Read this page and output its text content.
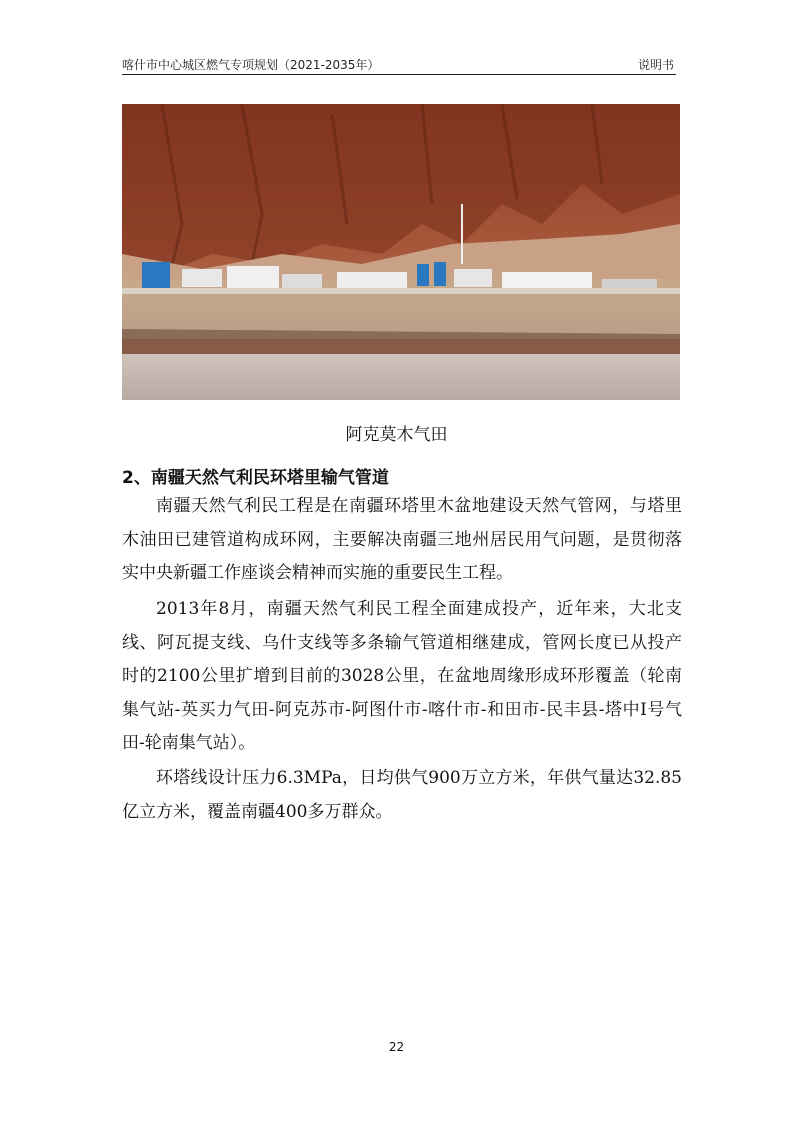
喀什市中心城区燃气专项规划（2021-2035年）	说明书
阿克莫木气田
2、南疆天然气利民环塔里输气管道

南疆天然气利民工程是在南疆环塔里木盆地建设天然气管网，与塔里木油田已建管道构成环网，主要解决南疆三地州居民用气问题，是贯彻落实中央新疆工作座谈会精神而实施的重要民生工程。

2013年8月，南疆天然气利民工程全面建成投产，近年来，大北支线、阿瓦提支线、乌什支线等多条输气管道相继建成，管网长度已从投产时的2100公里扩增到目前的3028公里，在盆地周缘形成环形覆盖（轮南集气站-英买力气田-阿克苏市-阿图什市-喀什市-和田市-民丰县-塔中Ⅰ号气田-轮南集气站）。

环塔线设计压力6.3MPa，日均供气900万立方米，年供气量达32.85亿立方米，覆盖南疆400多万群众。

22
